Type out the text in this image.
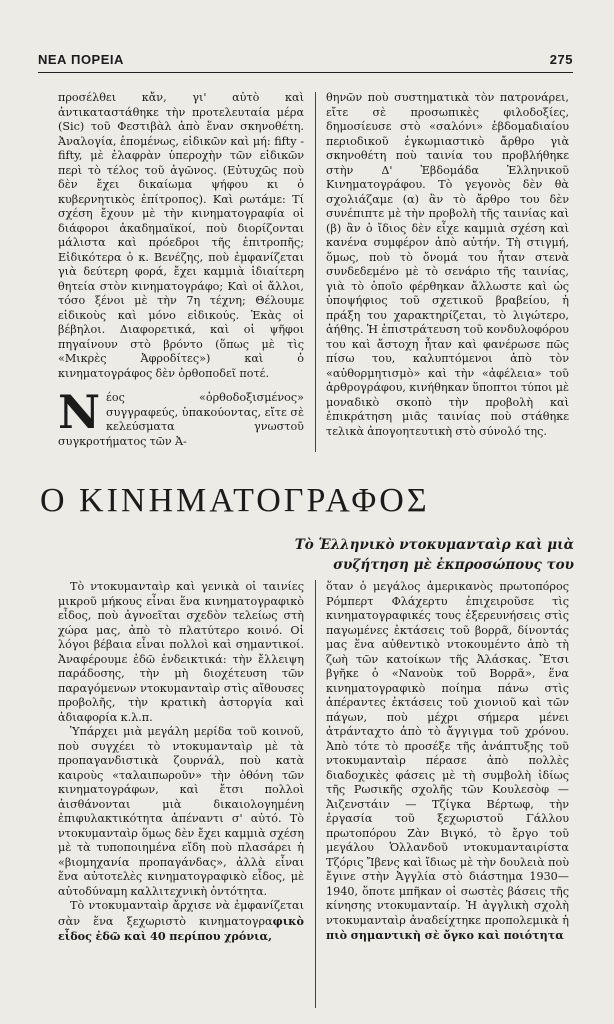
ΝΕΑ ΠΟΡΕΙΑ	275

προσέλθει κἄν, γι' αὐτὸ καὶ ἀντικαταστάθηκε τὴν προτελευταία μέρα (Sic) τοῦ Φεστιβὰλ ἀπὸ ἕναν σκηνοθέτη. Ἀναλογία, ἑπομένως, εἰδικῶν καὶ μή: fifty - fifty, μὲ ἐλαφρὰν ὑπεροχὴν τῶν εἰδικῶν περὶ τὸ τέλος τοῦ ἀγῶνος. (Εὐτυχῶς ποὺ δὲν ἔχει δικαίωμα ψήφου κι ὁ κυβερνητικὸς ἐπίτροπος). Καὶ ρωτάμε: Τί σχέση ἔχουν μὲ τὴν κινηματογραφία οἱ διάφοροι ἀκαδημαϊκοί, ποὺ διορίζονται μάλιστα καὶ πρόεδροι τῆς ἐπιτροπῆς; Εἰδικότερα ὁ κ. Βενέζης, ποὺ ἐμφανίζεται γιὰ δεύτερη φορά, ἔχει καμμιὰ ἰδιαίτερη θητεία στὸν κινηματογράφο; Καὶ οἱ ἄλλοι, τόσο ξένοι μὲ τὴν 7η τέχνη; Θέλουμε εἰδικοὺς καὶ μόνο εἰδικούς. Ἐκὰς οἱ βέβηλοι. Διαφορετικά, καὶ οἱ ψῆφοι πηγαίνουν στὸ βρόντο (ὅπως μὲ τὶς «Μικρὲς Ἀφροδίτες») καὶ ὁ κινηματογράφος δὲν ὀρθοποδεῖ ποτέ.

Νέος «ὀρθοδοξισμένος» συγγραφεύς, ὑπακούοντας, εἴτε σὲ κελεύσματα γνωστοῦ συγκροτήματος τῶν Ἀ-

θηνῶν ποὺ συστηματικὰ τὸν πατρονάρει, εἴτε σὲ προσωπικὲς φιλοδοξίες, δημοσίευσε στὸ «σαλόνι» ἑβδομαδιαίου περιοδικοῦ ἐγκωμιαστικὸ ἄρθρο γιὰ σκηνοθέτη ποὺ ταινία του προβλήθηκε στὴν Δ' Ἑβδομάδα Ἑλληνικοῦ Κινηματογράφου. Τὸ γεγονὸς δὲν θὰ σχολιάζαμε (α) ἂν τὸ ἄρθρο του δὲν συνέπιπτε μὲ τὴν προβολὴ τῆς ταινίας καὶ (β) ἂν ὁ ἴδιος δὲν εἶχε καμμιὰ σχέση καὶ κανένα συμφέρον ἀπὸ αὐτήν. Τὴ στιγμή, ὅμως, ποὺ τὸ ὄνομά του ἦταν στενὰ συνδεδεμένο μὲ τὸ σενάριο τῆς ταινίας, γιὰ τὸ ὁποῖο φέρθηκαν ἄλλωστε καὶ ὡς ὑποψήφιος τοῦ σχετικοῦ βραβείου, ἡ πράξη του χαρακτηρίζεται, τὸ λιγώτερο, ἀήθης. Ἡ ἐπιστράτευση τοῦ κονδυλοφόρου του καὶ ἄστοχη ἦταν καὶ φανέρωσε πῶς πίσω του, καλυπτόμενοι ἀπὸ τὸν «αὐθορμητισμὸ» καὶ τὴν «ἀφέλεια» τοῦ ἀρθρογράφου, κινήθηκαν ὕποπτοι τύποι μὲ μοναδικὸ σκοπὸ τὴν προβολὴ καὶ ἐπικράτηση μιᾶς ταινίας ποὺ στάθηκε τελικὰ ἀπογοητευτικὴ στὸ σύνολό της.

Ο ΚΙΝΗΜΑΤΟΓΡΑΦΟΣ
Τὸ Ἑλληνικὸ ντοκυμανταὶρ καὶ μιὰ συζήτηση μὲ ἐκπροσώπους του

Τὸ ντοκυμανταὶρ καὶ γενικὰ οἱ ταινίες μικροῦ μήκους εἶναι ἕνα κινηματογραφικὸ εἶδος, ποὺ ἀγνοεῖται σχεδὸν τελείως στὴ χώρα μας, ἀπὸ τὸ πλατύτερο κοινό. Οἱ λόγοι βέβαια εἶναι πολλοὶ καὶ σημαντικοί. Ἀναφέρουμε ἐδῶ ἐνδεικτικά: τὴν ἔλλειψη παράδοσης, τὴν μὴ διοχέτευση τῶν παραγόμενων ντοκυμανταὶρ στὶς αἴθουσες προβολῆς, τὴν κρατικὴ ἀστοργία καὶ ἀδιαφορία κ.λ.π.

Ὑπάρχει μιὰ μεγάλη μερίδα τοῦ κοινοῦ, ποὺ συγχέει τὸ ντοκυμανταὶρ μὲ τὰ προπαγανδιστικὰ ζουρνάλ, ποὺ κατὰ καιροὺς «ταλαιπωροῦν» τὴν ὀθόνη τῶν κινηματογράφων, καὶ ἔτσι πολλοὶ ἀισθάνονται μιὰ δικαιολογημένη ἐπιφυλακτικότητα ἀπέναντι σ' αὐτό. Τὸ ντοκυμανταὶρ ὅμως δὲν ἔχει καμμιὰ σχέση μὲ τὰ τυποποιημένα εἴδη ποὺ πλασάρει ἡ «βιομηχανία προπαγάνδας», ἀλλὰ εἶναι ἕνα αὐτοτελὲς κινηματογραφικὸ εἶδος, μὲ αὐτοδύναμη καλλιτεχνικὴ ὀντότητα.

Τὸ ντοκυμανταὶρ ἄρχισε νὰ ἐμφανίζεται σὰν ἕνα ξεχωριστὸ κινηματογραφικὸ εἶδος ἐδῶ καὶ 40 περίπου χρόνια,

ὅταν ὁ μεγάλος ἀμερικανὸς πρωτοπόρος Ρόμπερτ Φλάχερτυ ἐπιχειροῦσε τὶς κινηματογραφικές τους ἐξερευνήσεις στὶς παγωμένες ἐκτάσεις τοῦ βορρᾶ, δίνοντάς μας ἕνα αὐθεντικὸ ντοκουμέντο ἀπὸ τὴ ζωὴ τῶν κατοίκων τῆς Ἀλάσκας. Ἔτσι βγῆκε ὁ «Νανοὺκ τοῦ Βορρᾶ», ἕνα κινηματογραφικὸ ποίημα πάνω στὶς ἀπέραντες ἐκτάσεις τοῦ χιονιοῦ καὶ τῶν πάγων, ποὺ μέχρι σήμερα μένει ἀτράνταχτο ἀπὸ τὸ ἄγγιγμα τοῦ χρόνου. Ἀπὸ τότε τὸ προσέξε τῆς ἀνάπτυξης τοῦ ντοκυμανταὶρ πέρασε ἀπὸ πολλὲς διαδοχικὲς φάσεις μὲ τὴ συμβολὴ ἰδίως τῆς Ρωσικῆς σχολῆς τῶν Κουλεσὸφ — Ἀιζενστάιν — Τζίγκα Βέρτωφ, τὴν ἐργασία τοῦ ξεχωριστοῦ Γάλλου πρωτοπόρου Ζὰν Βιγκό, τὸ ἔργο τοῦ μεγάλου Ὁλλανδοῦ ντοκυμανταιρίστα Τζόρις Ἴβενς καὶ ἴδιως μὲ τὴν δουλειὰ ποὺ ἔγινε στὴν Ἀγγλία στὸ διάστημα 1930—1940, ὅποτε μπῆκαν οἱ σωστὲς βάσεις τῆς κίνησης ντοκυμανταίρ. Ἡ ἀγγλικὴ σχολὴ ντοκυμανταὶρ ἀναδείχτηκε προπολεμικὰ ἡ πιὸ σημαντικὴ σὲ ὄγκο καὶ ποιότητα
